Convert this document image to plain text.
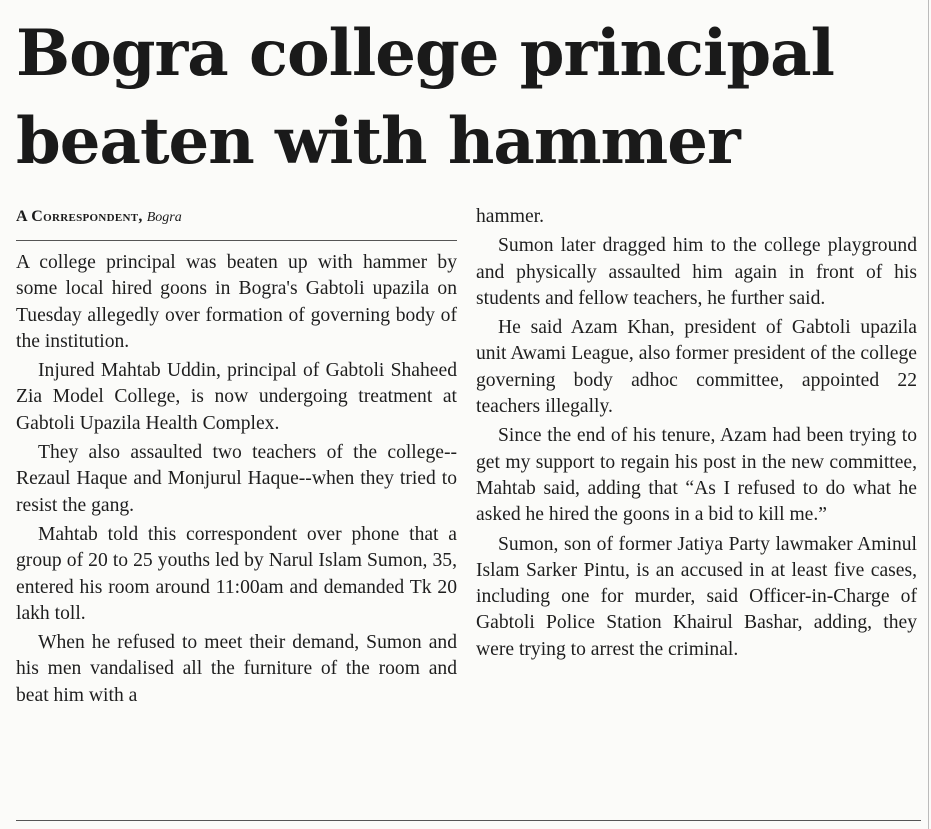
Bogra college principal
beaten with hammer
A Correspondent, Bogra

A college principal was beaten up with hammer by some local hired goons in Bogra's Gabtoli upazila on Tuesday allegedly over formation of governing body of the institution.

Injured Mahtab Uddin, principal of Gabtoli Shaheed Zia Model College, is now undergoing treatment at Gabtoli Upazila Health Complex.

They also assaulted two teachers of the college--Rezaul Haque and Monjurul Haque--when they tried to resist the gang.

Mahtab told this correspondent over phone that a group of 20 to 25 youths led by Narul Islam Sumon, 35, entered his room around 11:00am and demanded Tk 20 lakh toll.

When he refused to meet their demand, Sumon and his men vandalised all the furniture of the room and beat him with a

hammer.

Sumon later dragged him to the college playground and physically assaulted him again in front of his students and fellow teachers, he further said.

He said Azam Khan, president of Gabtoli upazila unit Awami League, also former president of the college governing body adhoc committee, appointed 22 teachers illegally.

Since the end of his tenure, Azam had been trying to get my support to regain his post in the new committee, Mahtab said, adding that “As I refused to do what he asked he hired the goons in a bid to kill me.”

Sumon, son of former Jatiya Party lawmaker Aminul Islam Sarker Pintu, is an accused in at least five cases, including one for murder, said Officer-in-Charge of Gabtoli Police Station Khairul Bashar, adding, they were trying to arrest the criminal.
